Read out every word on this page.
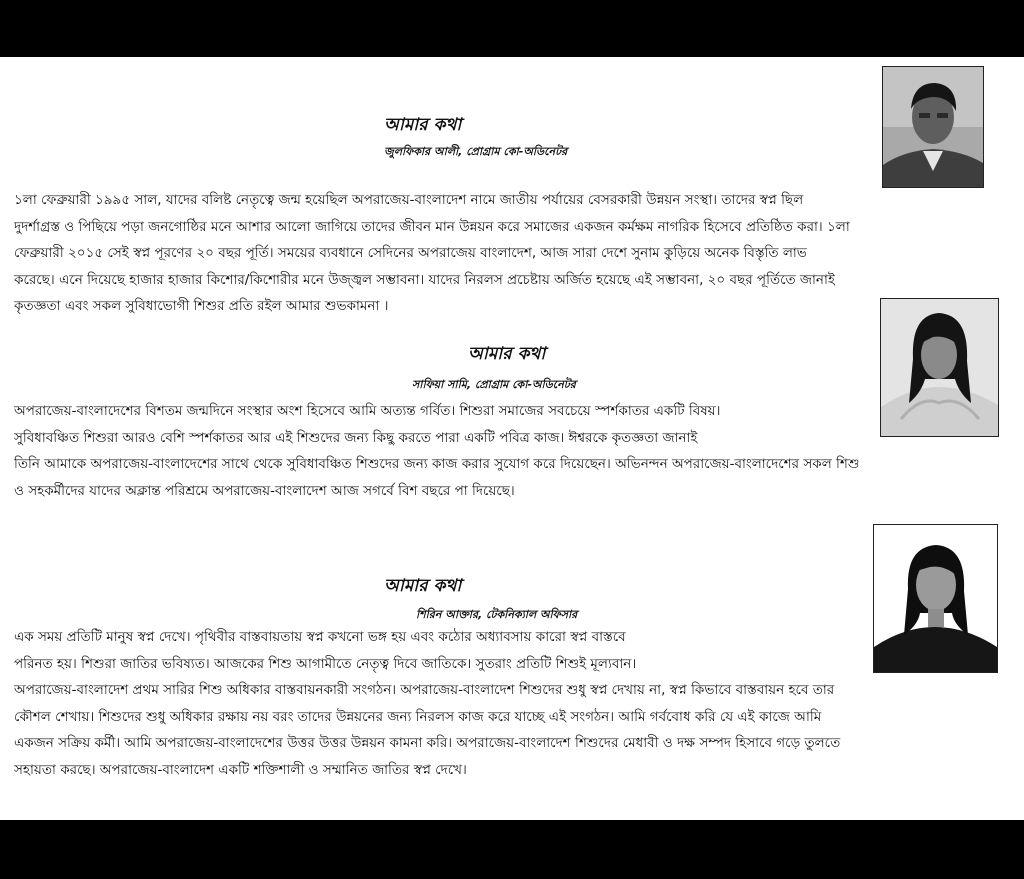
আমার কথা
জুলফিকার আলী, প্রোগ্রাম কো-অডিনেটর
১লা ফেব্রুয়ারী ১৯৯৫ সাল, যাদের বলিষ্ট নেতৃত্বে জন্ম হয়েছিল অপরাজেয়-বাংলাদেশ নামে জাতীয় পর্যায়ের বেসরকারী উন্নয়ন সংস্থা। তাদের স্বপ্ন ছিল
দুদর্শাগ্রস্ত ও পিছিয়ে পড়া জনগোষ্ঠির মনে আশার আলো জাগিয়ে তাদের জীবন মান উন্নয়ন করে সমাজের একজন কর্মক্ষম নাগরিক হিসেবে প্রতিষ্ঠিত করা। ১লা
ফেব্রুয়ারী ২০১৫ সেই স্বপ্ন পূরণের ২০ বছর পূর্তি। সময়ের ব্যবধানে সেদিনের অপরাজেয় বাংলাদেশ, আজ সারা দেশে সুনাম কুড়িয়ে অনেক বিস্তৃতি লাভ
করেছে। এনে দিয়েছে হাজার হাজার কিশোর/কিশোরীর মনে উজ্জ্বল সম্ভাবনা। যাদের নিরলস প্রচেষ্টায় অর্জিত হয়েছে এই সম্ভাবনা, ২০ বছর পূর্তিতে জানাই
কৃতজ্ঞতা এবং সকল সুবিধাভোগী শিশুর প্রতি রইল আমার শুভকামনা ।
আমার কথা
সাফিয়া সামি, প্রোগ্রাম কো-অডিনেটর
অপরাজেয়-বাংলাদেশের বিশতম জন্মদিনে সংস্থার অংশ হিসেবে আমি অত্যন্ত গর্বিত। শিশুরা সমাজের সবচেয়ে স্পর্শকাতর একটি বিষয়।
সুবিধাবঞ্চিত শিশুরা আরও বেশি স্পর্শকাতর আর এই শিশুদের জন্য কিছু করতে পারা একটি পবিত্র কাজ। ঈশ্বরকে কৃতজ্ঞতা জানাই
তিনি আমাকে অপরাজেয়-বাংলাদেশের সাথে থেকে সুবিধাবঞ্চিত শিশুদের জন্য কাজ করার সুযোগ করে দিয়েছেন। অভিনন্দন অপরাজেয়-বাংলাদেশের সকল শিশু
ও সহকর্মীদের যাদের অক্লান্ত পরিশ্রমে অপরাজেয়-বাংলাদেশ আজ সগর্বে বিশ বছরে পা দিয়েছে।
আমার কথা
শিরিন আক্তার, টেকনিক্যাল অফিসার
এক সময় প্রতিটি মানুষ স্বপ্ন দেখে। পৃথিবীর বাস্তবায়তায় স্বপ্ন কখনো ভঙ্গ হয় এবং কঠোর অধ্যাবসায় কারো স্বপ্ন বাস্তবে
পরিনত হয়। শিশুরা জাতির ভবিষ্যত। আজকের শিশু আগামীতে নেতৃত্ব দিবে জাতিকে। সুতরাং প্রতিটি শিশুই মূল্যবান।
অপরাজেয়-বাংলাদেশ প্রথম সারির শিশু অধিকার বাস্তবায়নকারী সংগঠন। অপরাজেয়-বাংলাদেশ শিশুদের শুধু স্বপ্ন দেখায় না, স্বপ্ন কিভাবে বাস্তবায়ন হবে তার
কৌশল শেখায়। শিশুদের শুধু অধিকার রক্ষায় নয় বরং তাদের উন্নয়নের জন্য নিরলস কাজ করে যাচ্ছে এই সংগঠন। আমি গর্ববোধ করি যে এই কাজে আমি
একজন সক্রিয় কর্মী। আমি অপরাজেয়-বাংলাদেশের উত্তর উত্তর উন্নয়ন কামনা করি। অপরাজেয়-বাংলাদেশ শিশুদের মেধাবী ও দক্ষ সম্পদ হিসাবে গড়ে তুলতে
সহায়তা করছে। অপরাজেয়-বাংলাদেশ একটি শক্তিশালী ও সম্মানিত জাতির স্বপ্ন দেখে।
